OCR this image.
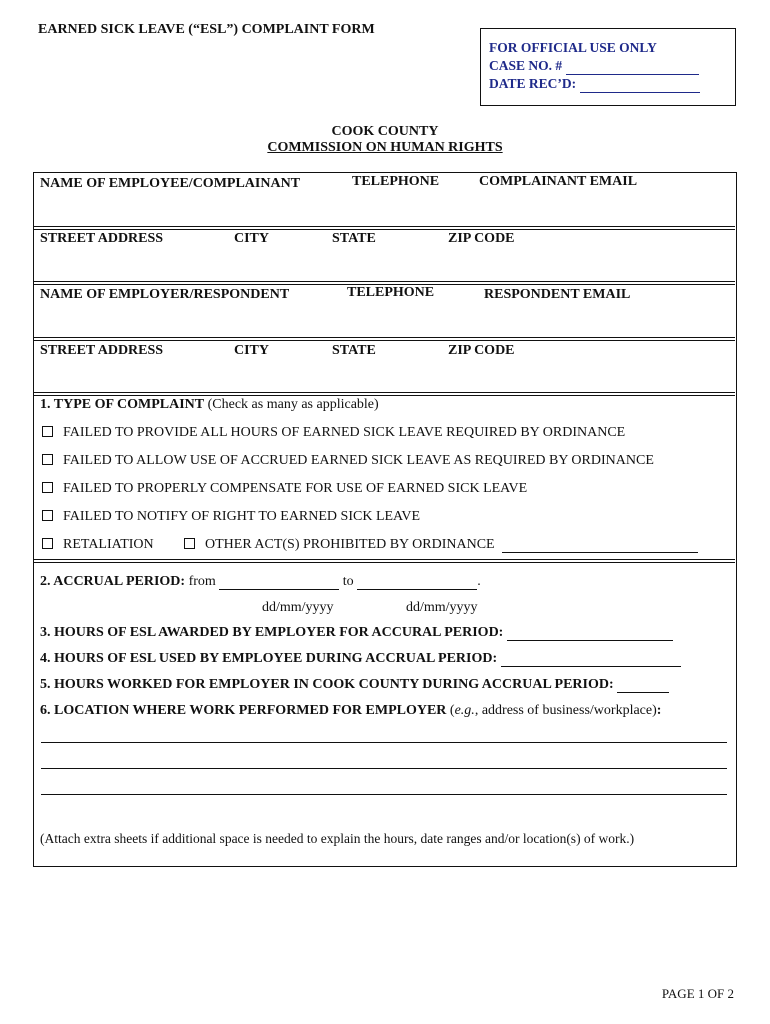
EARNED SICK LEAVE (“ESL”) COMPLAINT FORM
FOR OFFICIAL USE ONLY
CASE NO. #
DATE REC’D:
COOK COUNTY
COMMISSION ON HUMAN RIGHTS
NAME OF EMPLOYEE/COMPLAINANT	TELEPHONE	COMPLAINANT EMAIL
STREET ADDRESS	CITY	STATE	ZIP CODE
NAME OF EMPLOYER/RESPONDENT	TELEPHONE	RESPONDENT EMAIL
STREET ADDRESS	CITY	STATE	ZIP CODE
1. TYPE OF COMPLAINT (Check as many as applicable)
FAILED TO PROVIDE ALL HOURS OF EARNED SICK LEAVE REQUIRED BY ORDINANCE
FAILED TO ALLOW USE OF ACCRUED EARNED SICK LEAVE AS REQUIRED BY ORDINANCE
FAILED TO PROPERLY COMPENSATE FOR USE OF EARNED SICK LEAVE
FAILED TO NOTIFY OF RIGHT TO EARNED SICK LEAVE
RETALIATION	OTHER ACT(S) PROHIBITED BY ORDINANCE
2. ACCRUAL PERIOD: from	to	.
dd/mm/yyyy	dd/mm/yyyy
3. HOURS OF ESL AWARDED BY EMPLOYER FOR ACCURAL PERIOD:
4. HOURS OF ESL USED BY EMPLOYEE DURING ACCRUAL PERIOD:
5. HOURS WORKED FOR EMPLOYER IN COOK COUNTY DURING ACCRUAL PERIOD:
6. LOCATION WHERE WORK PERFORMED FOR EMPLOYER (e.g., address of business/workplace):
(Attach extra sheets if additional space is needed to explain the hours, date ranges and/or location(s) of work.)
PAGE 1 OF 2
